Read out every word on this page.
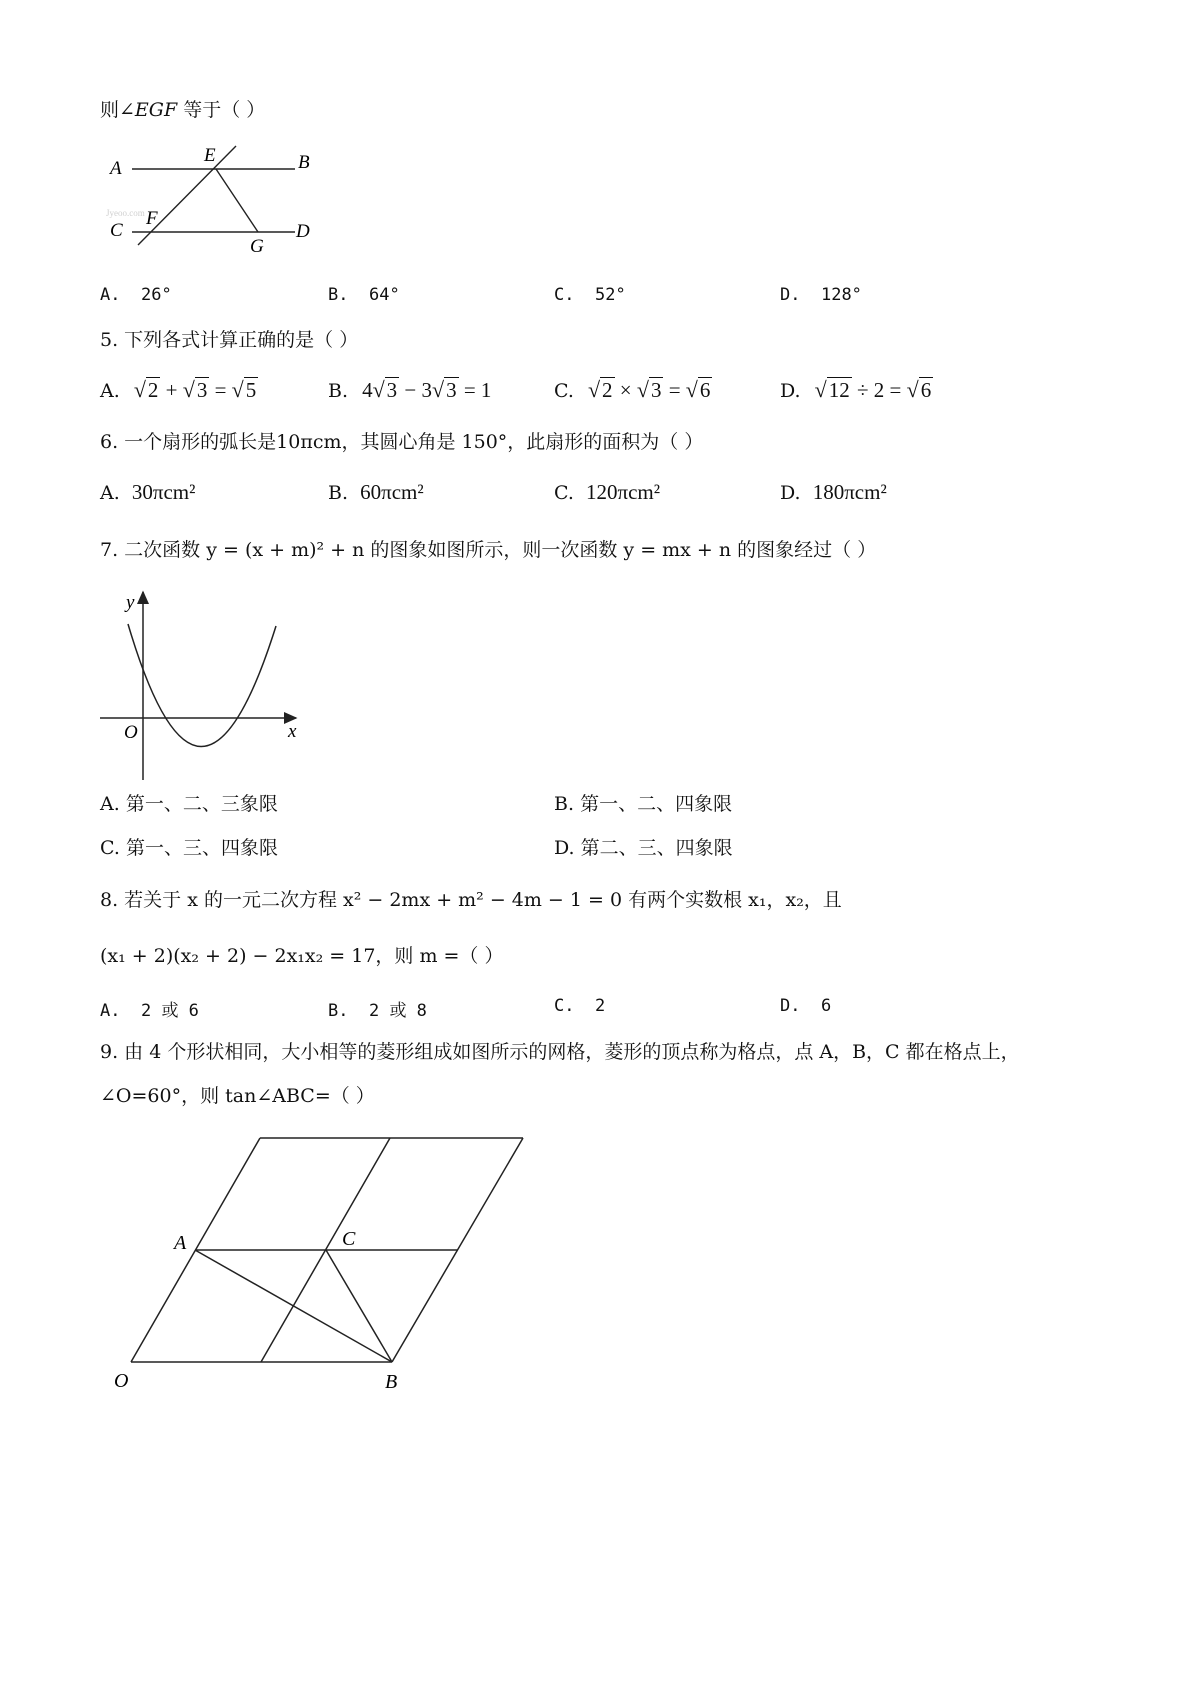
则∠EGF 等于（ ）
A	B
E
C
F
D
G
Jyeoo.com
A. 26°	B. 64°	C. 52°	D. 128°
5. 下列各式计算正确的是（ ）
A. √2 + √3 = √5	B. 4√3 − 3√3 = 1	C. √2 × √3 = √6	D. √12 ÷ 2 = √6
6. 一个扇形的弧长是10πcm，其圆心角是 150°，此扇形的面积为（ ）
A. 30πcm²	B. 60πcm²	C. 120πcm²	D. 180πcm²
7. 二次函数 y = (x + m)² + n 的图象如图所示，则一次函数 y = mx + n 的图象经过（ ）
y
x
O
A. 第一、二、三象限	B. 第一、二、四象限
C. 第一、三、四象限	D. 第二、三、四象限
8. 若关于 x 的一元二次方程 x² − 2mx + m² − 4m − 1 = 0 有两个实数根 x₁，x₂，且
(x₁ + 2)(x₂ + 2) − 2x₁x₂ = 17，则 m =（ ）
A. 2 或 6	B. 2 或 8	C. 2	D. 6
9. 由 4 个形状相同，大小相等的菱形组成如图所示的网格，菱形的顶点称为格点，点 A，B，C 都在格点上，
∠O=60°，则 tan∠ABC=（ ）
A	C
O	B
